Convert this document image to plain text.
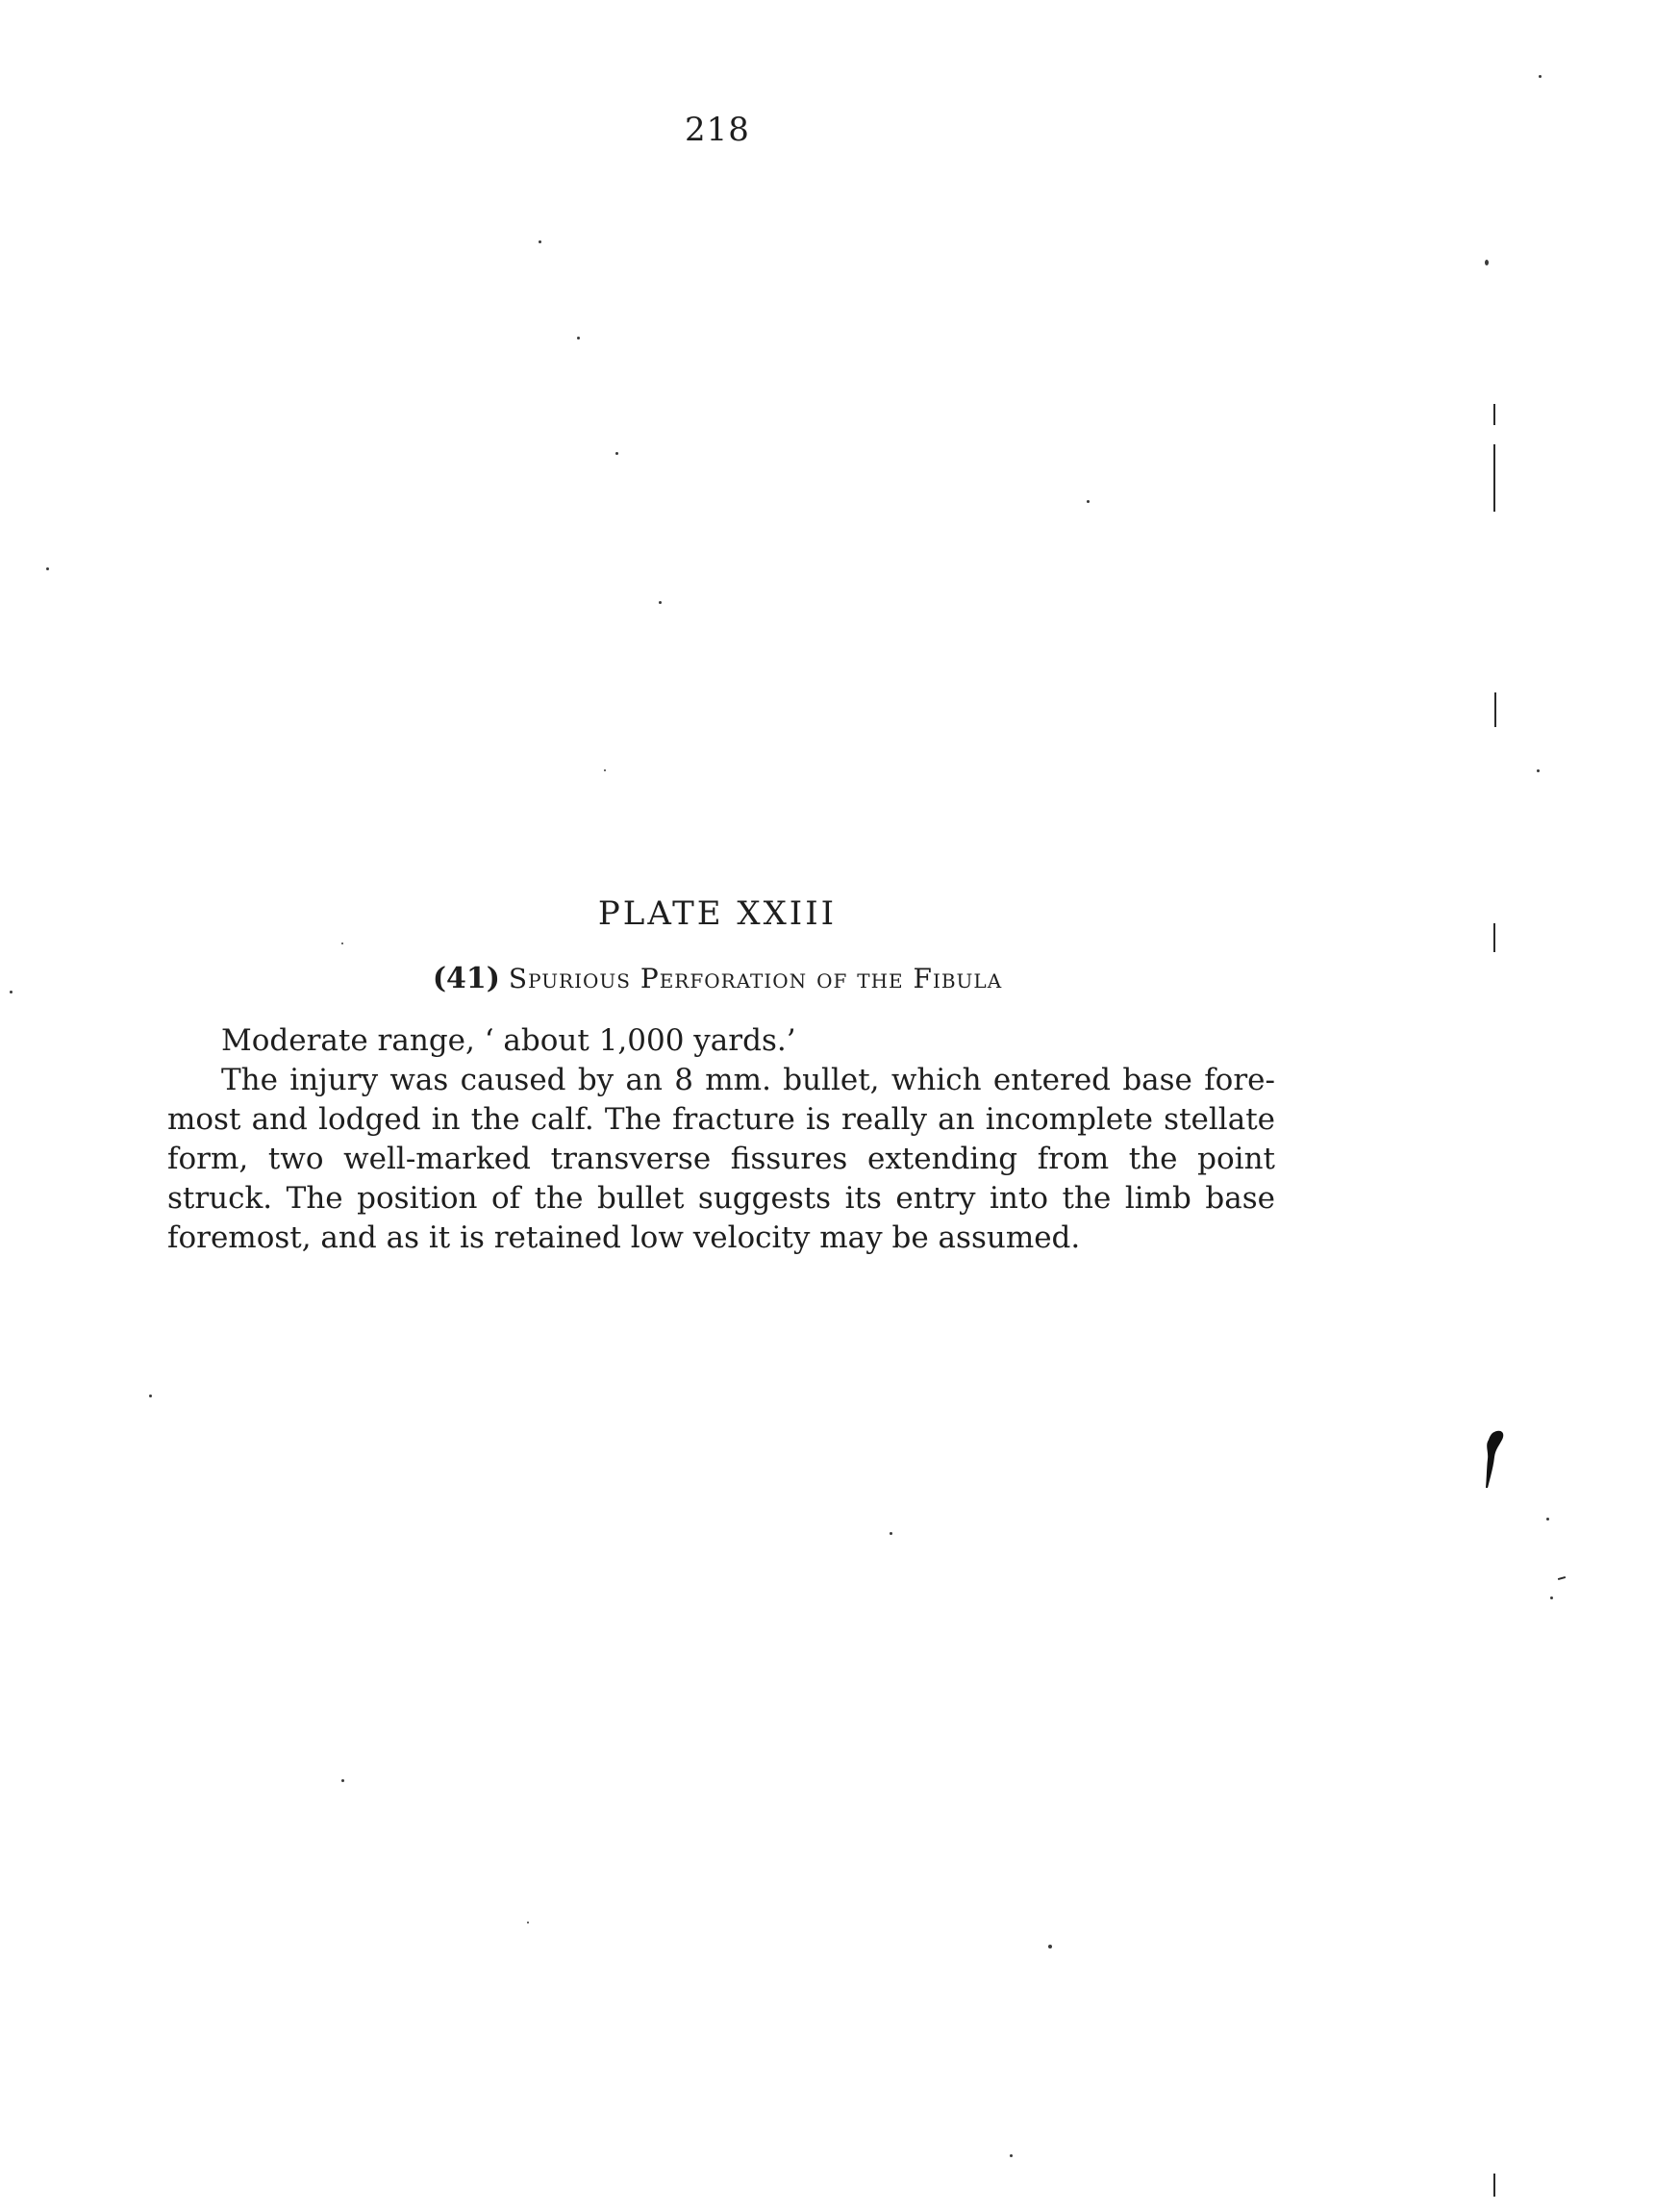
218
PLATE XXIII
(41) Spurious Perforation of the Fibula

Moderate range, ‘ about 1,000 yards.’

The injury was caused by an 8 mm. bullet, which entered base fore-most and lodged in the calf. The fracture is really an incomplete stellate form, two well-marked transverse fissures extending from the point struck. The position of the bullet suggests its entry into the limb base foremost, and as it is retained low velocity may be assumed.
